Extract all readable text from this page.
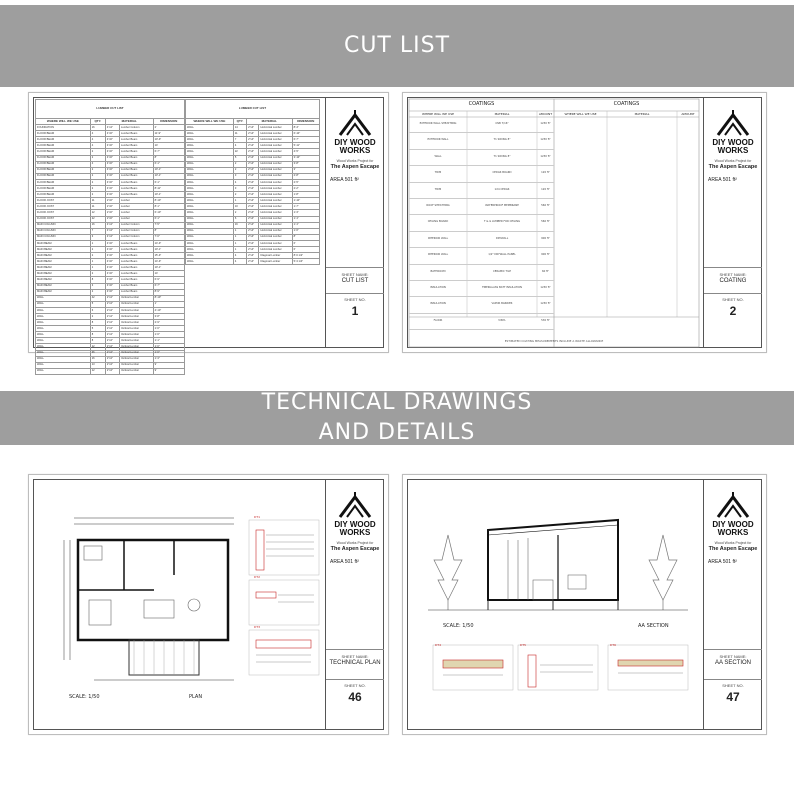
CUT LIST
TECHNICAL DRAWINGS
AND DETAILS
LUMBER CUT LIST				
WHERE WILL WE USE	QTY.	MATERIAL		DIMENSION
FOUNDATION	16	4"x4"	Lumber Column	2'
FLOOR BEAM	4	4"x6"	Lumber Beam	11'-9"
FLOOR BEAM	4	4"x6"	Lumber Beam	10'-9"
FLOOR BEAM	4	4"x6"	Lumber Beam	14'
FLOOR BEAM	2	4"x6"	Lumber Beam	6'-7"
FLOOR BEAM	2	4"x6"	Lumber Beam	8'
FLOOR BEAM	4	4"x6"	Lumber Beam	6'-1"
FLOOR BEAM	2	4"x6"	Lumber Beam	10'-1"
FLOOR BEAM	2	4"x6"	Lumber Beam	13'-1"
FLOOR BEAM	2	4"x6"	Lumber Beam	6'-1"
FLOOR BEAM	2	4"x6"	Lumber Beam	8'-11"
FLOOR BEAM	2	4"x6"	Lumber Beam	10'-1"
FLOOR JOIST	11	2"x6"	Lumber	8'-10"
FLOOR JOIST	11	2"x6"	Lumber	8'-1"
FLOOR JOIST	12	2"x6"	Lumber	6'-10"
FLOOR JOIST	22	2"x6"	Lumber	6'-1"
MAIN COLUMN	16	4"x4"	Lumber Column	7'-5"
MAIN COLUMN	7	4"x4"	Lumber Column	8'
MAIN COLUMN	3	4"x4"	Lumber Column	7'-6"
MAIN BEAM	1	4"x6"	Lumber Beam	14'-9"
MAIN BEAM	2	4"x6"	Lumber Beam	10'-1"
MAIN BEAM	2	4"x6"	Lumber Beam	15'-9"
MAIN BEAM	1	4"x6"	Lumber Beam	14'-9"
MAIN BEAM	1	4"x6"	Lumber Beam	10'-1"
MAIN BEAM	2	4"x6"	Lumber Beam	14'
MAIN BEAM	8	4"x6"	Lumber Beam	6'-9"
MAIN BEAM	3	4"x6"	Lumber Beam	6'-7"
MAIN BEAM	2	4"x6"	Lumber Beam	8'-9"
WALL	42	2"x4"	Vertical Lumber	8'-10"
WALL	5	2"x4"	Vertical Lumber	1'
WALL	6	2"x4"	Vertical Lumber	4'-10"
WALL	2	2"x4"	Vertical Lumber	3'-8"
WALL	8	2"x4"	Vertical Lumber	2'-9"
WALL	5	2"x4"	Vertical Lumber	1'-6"
WALL	8	2"x4"	Vertical Lumber	1'-6"
WALL	8	2"x4"	Vertical Lumber	1'-1"
WALL	12	2"x4"	Vertical Lumber	1'-6"
WALL	36	2"x4"	Vertical Lumber	1'-6"
WALL	16	2"x4"	Vertical Lumber	1'-3"
WALL	13	2"x4"	Vertical Lumber	9'
WALL	12	2"x4"	Vertical Lumber	9'
LUMBER CUT LIST				
WHERE WILL WE USE	QTY.	MATERIAL		DIMENSION
WALL	14	2"x4"	Horizontal Lumber	8'-4"
WALL	11	2"x4"	Horizontal Lumber	6'-10"
WALL	7	2"x4"	Horizontal Lumber	6'-7"
WALL	4	2"x4"	Horizontal Lumber	5'-11"
WALL	22	2"x4"	Horizontal Lumber	4'-5"
WALL	5	2"x4"	Horizontal Lumber	3'-10"
WALL	2	2"x4"	Horizontal Lumber	3'-8"
WALL	2	2"x4"	Horizontal Lumber	3'
WALL	3	2"x4"	Horizontal Lumber	2'-8"
WALL	4	2"x4"	Horizontal Lumber	2'-5"
WALL	3	2"x4"	Horizontal Lumber	2'-2"
WALL	2	2"x4"	Horizontal Lumber	1'-8"
WALL	1	2"x4"	Horizontal Lumber	1'-10"
WALL	10	2"x4"	Horizontal Lumber	1'-7"
WALL	2	2"x4"	Horizontal Lumber	1'-3"
WALL	6	2"x4"	Horizontal Lumber	1'-1"
WALL	16	2"x4"	Horizontal Lumber	1'-1"
WALL	1	2"x4"	Horizontal Lumber	1'-6"
WALL	1	2"x4"	Horizontal Lumber	8'
WALL	1	2"x4"	Horizontal Lumber	6'
WALL	1	2"x4"	Horizontal Lumber	6'
WALL	4	2"x4"	Diagonal Lumber	8'-6 1/2"
WALL	4	2"x4"	Diagonal Lumber	5'-3 1/4"
DIY WOOD
WORKS
Wood Works Project for
The Aspen Escape
AREA 501 ft²
SHEET NAME:
CUT LIST
SHEET NO.
1
COATINGS	COATINGS
WHERE WILL WE USE	MATERIAL	AMOUNT	WHERE WILL WE USE	MATERIAL	AMOUNT
EXTERIOR WALL SHEATHING	OSB 7/16"	1230 ft²
EXTERIOR WALL	T1 SIDING 8"	1230 ft²
WALL	T1 SIDING 8"	1230 ft²
TRIM	CEDAR BOARD	120 ft²
TRIM	1X4 CEDAR	120 ft²
ROOF SHEATHING	WATERPROOF MEMBRANE	560 ft²
CEILING BOARD	T & G LUMBER FOR CEILING	560 ft²
INTERIOR WALL	DRYWALL	900 ft²
INTERIOR WALL	1/2" DRYWALL PANEL	900 ft²
BATHROOM	CERAMIC TILE	60 ft²
INSULATION	FIBERGLASS BATT INSULATION	1230 ft²
INSULATION	VAPOR BARRIER	1230 ft²
FLOOR	VINYL	530 ft²
ESTIMATED COATING MEASUREMENTS INCLUDE A WASTE ALLOWANCE
DIY WOOD
WORKS
Wood Works Project for
The Aspen Escape
AREA 501 ft²
SHEET NAME:
COATING
SHEET NO.
2
SCALE: 1/50	PLAN
DT1
DT2
DT3
DIY WOOD
WORKS
Wood Works Project for
The Aspen Escape
AREA 501 ft²
SHEET NAME:
TECHNICAL PLAN
SHEET NO.
46
SCALE: 1/50	AA SECTION
DT4	DT5	DT6
DIY WOOD
WORKS
Wood Works Project for
The Aspen Escape
AREA 501 ft²
SHEET NAME:
AA SECTION
SHEET NO.
47
